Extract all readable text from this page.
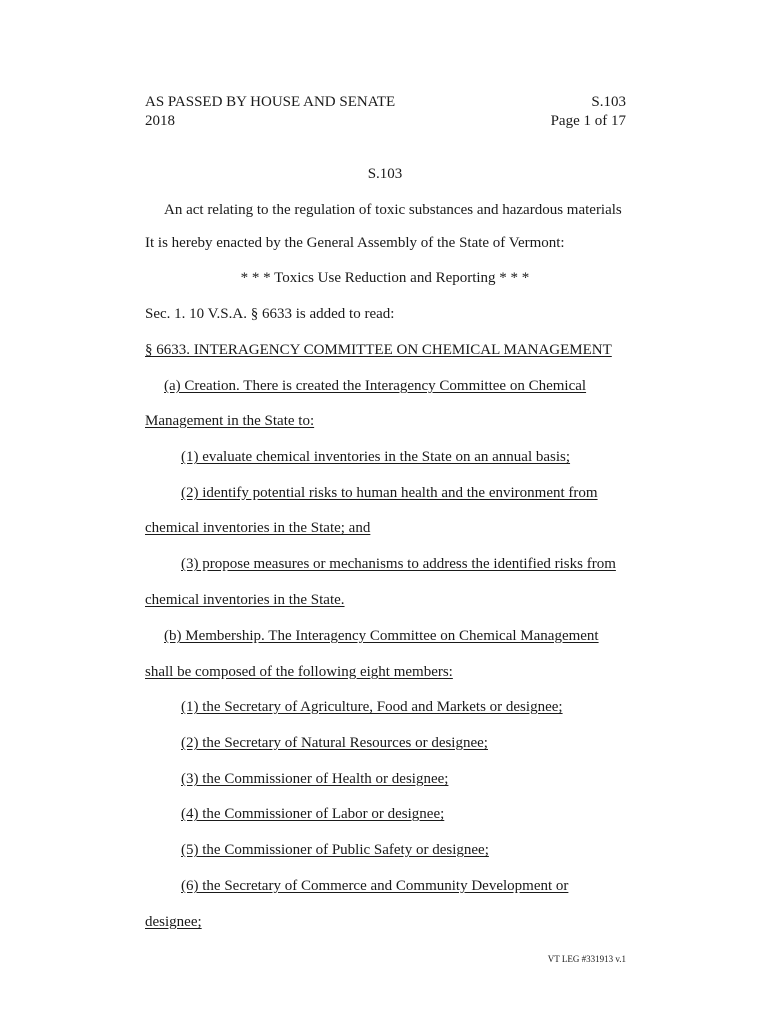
AS PASSED BY HOUSE AND SENATE
2018
S.103
Page 1 of 17
S.103
An act relating to the regulation of toxic substances and hazardous materials
It is hereby enacted by the General Assembly of the State of Vermont:
* * * Toxics Use Reduction and Reporting * * *
Sec. 1. 10 V.S.A. § 6633 is added to read:
§ 6633. INTERAGENCY COMMITTEE ON CHEMICAL MANAGEMENT
(a) Creation. There is created the Interagency Committee on Chemical
Management in the State to:
(1) evaluate chemical inventories in the State on an annual basis;
(2) identify potential risks to human health and the environment from
chemical inventories in the State; and
(3) propose measures or mechanisms to address the identified risks from
chemical inventories in the State.
(b) Membership. The Interagency Committee on Chemical Management
shall be composed of the following eight members:
(1) the Secretary of Agriculture, Food and Markets or designee;
(2) the Secretary of Natural Resources or designee;
(3) the Commissioner of Health or designee;
(4) the Commissioner of Labor or designee;
(5) the Commissioner of Public Safety or designee;
(6) the Secretary of Commerce and Community Development or
designee;
VT LEG #331913 v.1
